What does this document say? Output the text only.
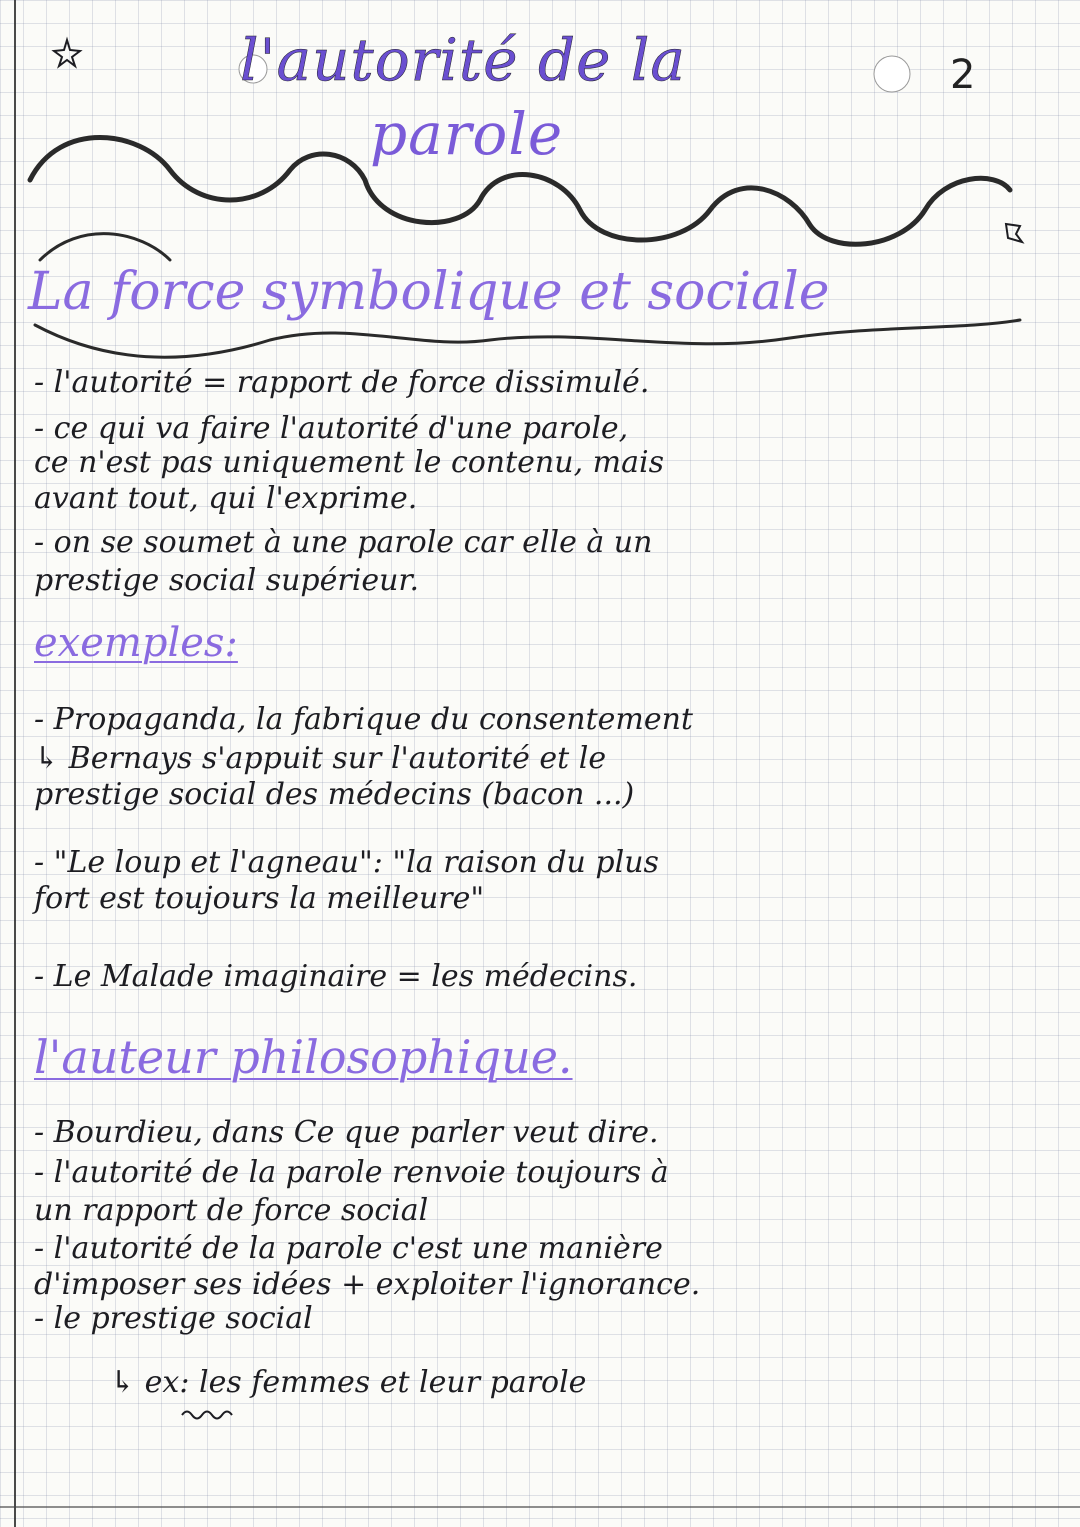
l'autorité de la
parole
2
La force symbolique et sociale
- l'autorité = rapport de force dissimulé.
- ce qui va faire l'autorité d'une parole,
ce n'est pas uniquement le contenu, mais
avant tout, qui l'exprime.
- on se soumet à une parole car elle à un
prestige social supérieur.
exemples:
- Propaganda, la fabrique du consentement
↳ Bernays s'appuit sur l'autorité et le
prestige social des médecins (bacon ...)
- "Le loup et l'agneau": "la raison du plus
fort est toujours la meilleure"
- Le Malade imaginaire = les médecins.
l'auteur philosophique.
- Bourdieu, dans Ce que parler veut dire.
- l'autorité de la parole renvoie toujours à
un rapport de force social
- l'autorité de la parole c'est une manière
d'imposer ses idées + exploiter l'ignorance.
- le prestige social
↳ ex: les femmes et leur parole
